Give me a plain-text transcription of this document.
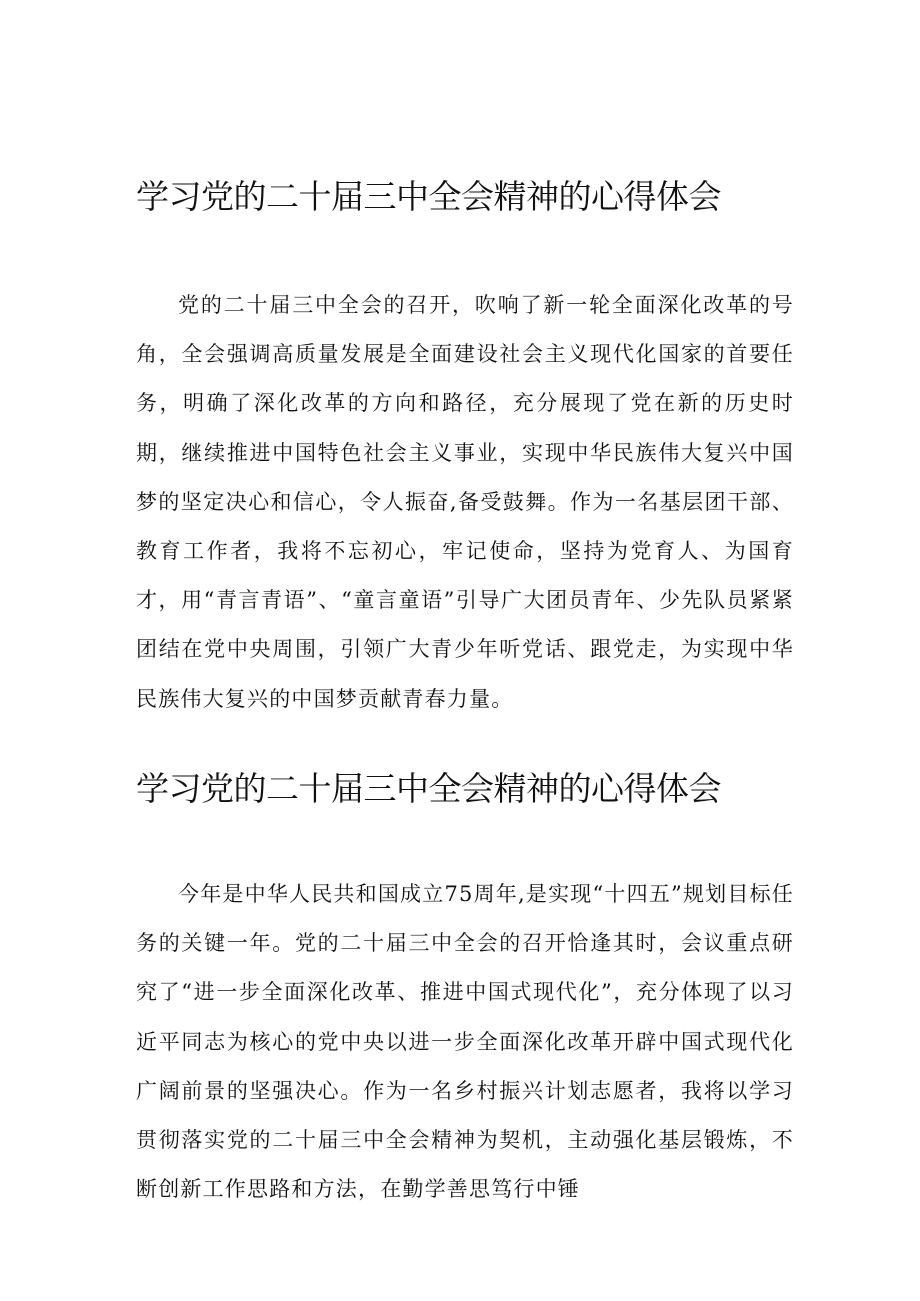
学习党的二十届三中全会精神的心得体会

党的二十届三中全会的召开，吹响了新一轮全面深化改革的号角，全会强调高质量发展是全面建设社会主义现代化国家的首要任务，明确了深化改革的方向和路径，充分展现了党在新的历史时期，继续推进中国特色社会主义事业，实现中华民族伟大复兴中国梦的坚定决心和信心，令人振奋,备受鼓舞。作为一名基层团干部、教育工作者，我将不忘初心，牢记使命，坚持为党育人、为国育才，用“青言青语”、“童言童语”引导广大团员青年、少先队员紧紧团结在党中央周围，引领广大青少年听党话、跟党走，为实现中华民族伟大复兴的中国梦贡献青春力量。

学习党的二十届三中全会精神的心得体会

今年是中华人民共和国成立75周年,是实现“十四五”规划目标任务的关键一年。党的二十届三中全会的召开恰逢其时，会议重点研究了“进一步全面深化改革、推进中国式现代化”，充分体现了以习近平同志为核心的党中央以进一步全面深化改革开辟中国式现代化广阔前景的坚强决心。作为一名乡村振兴计划志愿者，我将以学习贯彻落实党的二十届三中全会精神为契机，主动强化基层锻炼，不断创新工作思路和方法，在勤学善思笃行中锤
